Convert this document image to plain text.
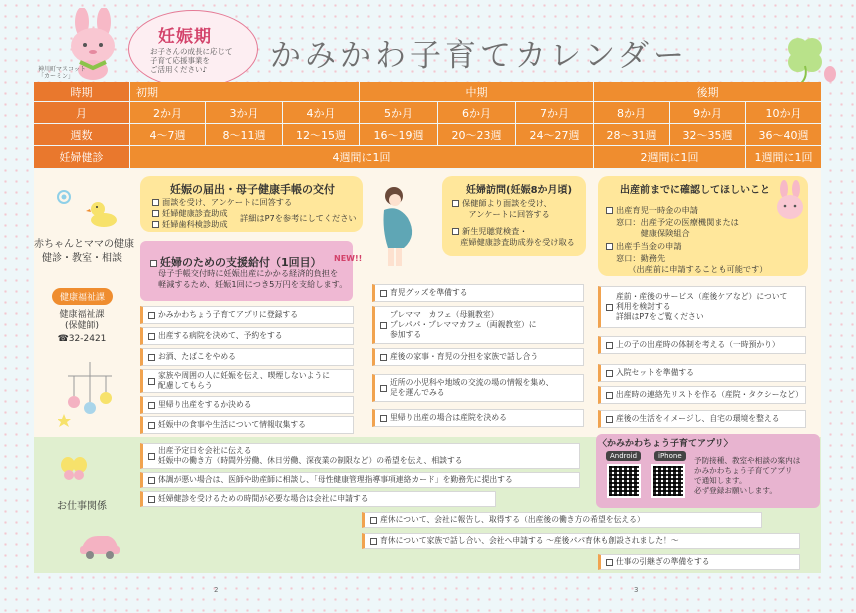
神川町マスコット
「カーミン」
妊娠期
お子さんの成長に応じて
子育て応援事業を
ご活用ください♪	かみかわ子育てカレンダー
時期	初期	中期	後期
月	2か月	3か月	4か月	5か月	6か月	7か月	8か月	9か月	10か月
週数	4～7週	8～11週	12～15週	16～19週	20～23週	24～27週	28～31週	32～35週	36～40週
妊婦健診	4週間に1回	2週間に1回	1週間に1回
赤ちゃんとママの健康
健診・教室・相談
健康福祉課
健康福祉課
(保健師)
☎32-2421
お仕事関係
妊娠の届出・母子健康手帳の交付
面談を受け、アンケートに回答する
妊婦健康診査助成
妊婦歯科検診助成
詳細はP7を参考にしてください
妊婦のための支援給付（1回目）
母子手帳交付時に妊娠出産にかかる経済的負担を
軽減するため、妊娠1回につき5万円を支給します。
NEW!!
かみかわちょう子育てアプリに登録する
出産する病院を決めて、予約をする
お酒、たばこをやめる
家族や周囲の人に妊娠を伝え、喫煙しないように
配慮してもらう
里帰り出産をするか決める
妊娠中の食事や生活について情報収集する
妊婦訪問(妊娠8か月頃)
保健師より面談を受け、
　　アンケートに回答する
新生児聴覚検査・
　産婦健康診査助成券を受け取る
育児グッズを準備する
プレママ　カフェ（母親教室）
プレパパ・プレママカフェ（両親教室）に
参加する
産後の家事・育児の分担を家族で話し合う
近所の小児科や地域の交流の場の情報を集め、
足を運んでみる
里帰り出産の場合は産院を決める
出産前までに確認してほしいこと
出産育児一時金の申請
窓口：出産予定の医療機関または
　　　健康保険組合
出産手当金の申請
窓口：勤務先
　　（出産前に申請することも可能です）
産前・産後のサービス（産後ケアなど）について
利用を検討する
詳細はP7をご覧ください
上の子の出産時の体制を考える（一時預かり）
入院セットを準備する
出産時の連絡先リストを作る（産院・タクシーなど）
産後の生活をイメージし、自宅の環境を整える
出産予定日を会社に伝える
妊娠中の働き方（時間外労働、休日労働、深夜業の制限など）の希望を伝え、相談する
体調が悪い場合は、医師や助産師に相談し、「母性健康管理指導事項連絡カード」を勤務先に提出する
妊婦健診を受けるための時間が必要な場合は会社に申請する
産休について、会社に報告し、取得する（出産後の働き方の希望を伝える）
育休について家族で話し合い、会社へ申請する ～産後パパ育休も創設されました！～
仕事の引継ぎの準備をする
〈かみかわちょう子育てアプリ〉
Android	iPhone	予防接種、教室や相談の案内は
かみかわちょう子育てアプリ
で通知します。
必ず登録お願いします。
2	3
